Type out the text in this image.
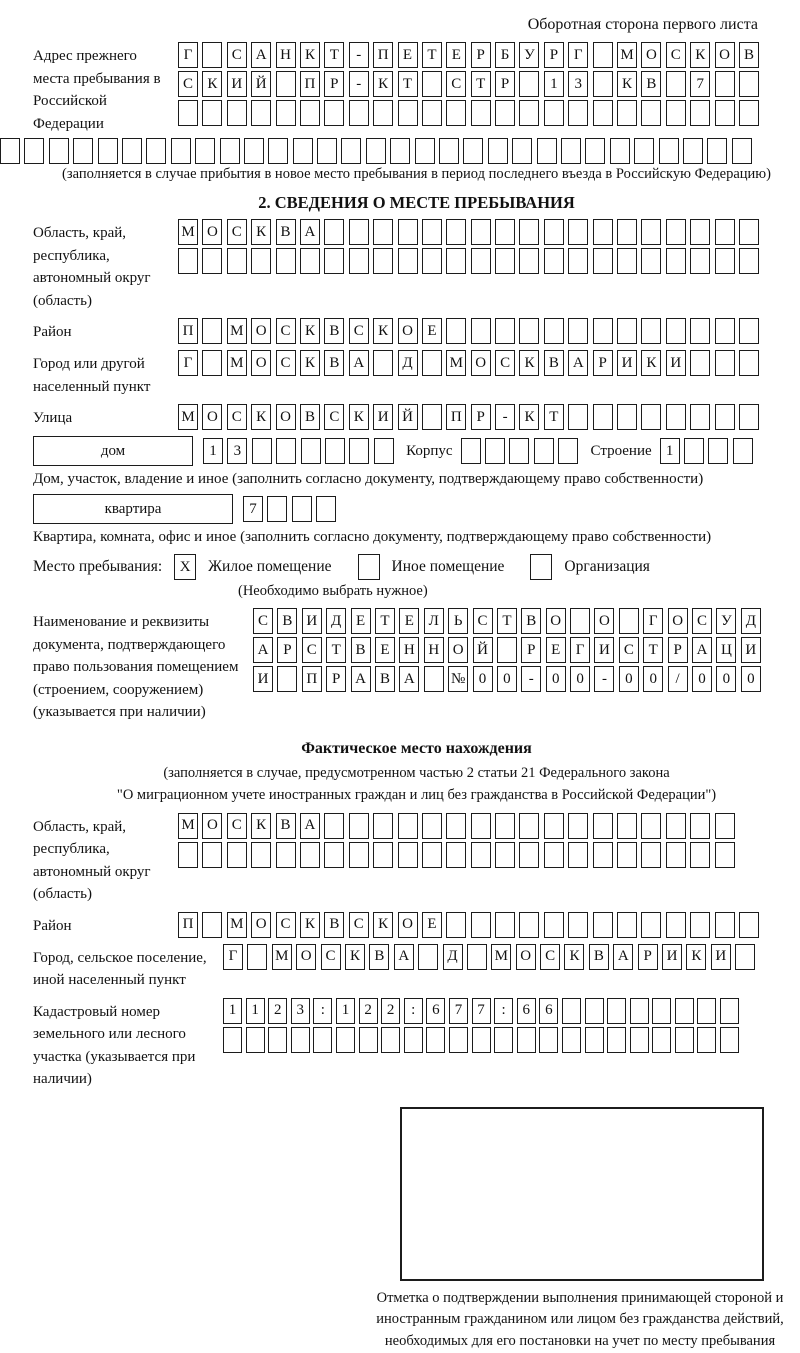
Оборотная сторона первого листа
Адрес прежнего места пребывания в Российской Федерации
Г	С А Н К Т	-	П Е	Т	Е	Р	Б У Р	Г	М О С К О В
С К И Й	П Р	-	К Т	С Т	Р	1	3	К В	7
(заполняется в случае прибытия в новое место пребывания в период последнего въезда в Российскую Федерацию)
2. СВЕДЕНИЯ О МЕСТЕ ПРЕБЫВАНИЯ
Область, край, республика, автономный округ (область)
М О С К В А
Район	П	М О С К В С К О Е
Город или другой населенный пункт
Г	М О С К В А	Д	М О С К В А Р И К И
Улица	М О С К О В С К И Й	П Р	-	К Т
дом	1	3	Корпус	Строение 1
Дом, участок, владение и иное (заполнить согласно документу, подтверждающему право собственности)
квартира	7
Квартира, комната, офис и иное (заполнить согласно документу, подтверждающему право собственности)
Место пребывания:	X	Жилое помещение	Иное помещение	Организация
(Необходимо выбрать нужное)
Наименование и реквизиты документа, подтверждающего право пользования помещением (строением, сооружением) (указывается при наличии)
С В И Д Е	Т	Е Л Ь	С Т В О	О	Г О С У Д
А Р	С Т В Е Н Н О Й	Р	Е	Г И С Т	Р А Ц И
И	П Р А В А	№ 0	0	-	0	0	-	0	0	/	0	0	0
Фактическое место нахождения
(заполняется в случае, предусмотренном частью 2 статьи 21 Федерального закона
"О миграционном учете иностранных граждан и лиц без гражданства в Российской Федерации")
Область, край, республика, автономный округ (область)
М О С К В А
Район	П	М О С К В С К О Е
Город, сельское поселение, иной населенный пункт
Г	М О С К В А	Д	М О С К В А Р И К И
Кадастровый номер земельного или лесного участка (указывается при наличии)
1	1	2	3	:	1	2	2	:	6	7	7	:	6	6
Отметка о подтверждении выполнения принимающей стороной и иностранным гражданином или лицом без гражданства действий, необходимых для его постановки на учет по месту пребывания
